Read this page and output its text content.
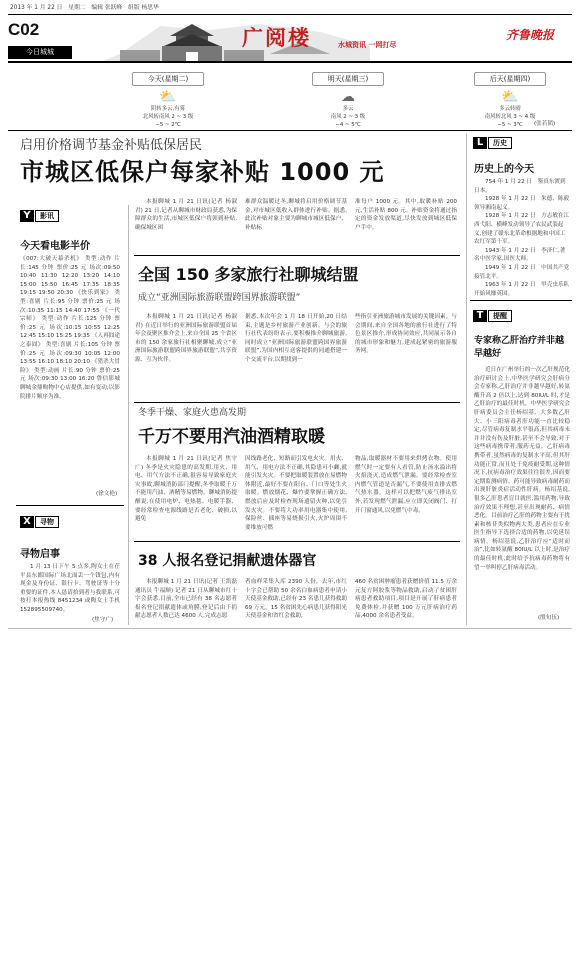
2013 年 1 月 22 日　星期二　编辑 张跃峰　组版 杨思华
C02
今日城城
广阅楼	水城资讯 一网打尽
齐鲁晚报
今天(星期二)
⛅
阴转多云,有雾
北风转南风 2 ~ 3 级
−5 ~ 2℃
明天(星期三)
☁
多云
南风 2 ~ 3 级
−4 ~ 5℃
后天(星期四)
⛅
多云转晴
南风转北风 3 ~ 4 级
−5 ~ 3℃	(张若韬)
启用价格调节基金补贴低保居民
市城区低保户每家补贴 1000 元
Y	影讯
今天看电影半价
《007:大破天幕杀机》 类型:动作 片长:145 分钟 票价:25 元 场次:09:50 10:40 11:30 12:20 13:20 14:10 15:00 15:50 16:45 17:35 18:35 19:15 19:50 20:30 《快乐到家》 类型:喜剧 片长:95 分钟 票价:25 元 场次:10:35 11:15 14:40 17:55 《一代宗师》 类型:动作 片长:125 分钟 票价:25 元 场次:10:15 10:55 12:25 12:45 15:10 15:25 19:35 《人再囧途之泰囧》 类型:喜剧 片长:105 分钟 票价:25 元 场次:09:30 10:05 12:00 13:55 16:10 18:10 20:10 《猎杀大冒险》 类型:动画 片长:90 分钟 票价:25 元 场次:09:30 13:00 16:20 鲁信影城聊城金鼎购物中心店提供,如有变动,以影院排片顺序为准。
(徐文艳)
X	寻物
寻物启事
1 月 13 日下午 5 点多,陶女士在茌平县东都国际广场北面丢一个钱包,内有现金及身份证、银行卡、驾驶证等十分重要的证件,本人恳请拾到者与我联系,可按打本报热线 8451234 或陶女士手机 152895509740。
(焦守广)
本报聊城 1 月 21 日讯(记者 杨淑君) 21 日,记者从聊城市财政局获悉,为保障群众的生活,市城区低保户将领到补贴,确保城区困
难群众温暖过冬,聊城将启用价格调节基金,对市城区低收入群体进行补贴。据悉,此次补贴对象主要为聊城市城区低保户、补贴标
准每户 1000 元。其中,取暖补贴 200 元,生活补贴 800 元。补贴资金将通过指定的资金发放渠道,尽快发放到城区低保户手中。
全国 150 多家旅行社聊城结盟
成立“亚洲国际旅游联盟跨国界旅游联盟”
本报聊城 1 月 21 日讯(记者 杨淑君) 在近日举行的亚洲国际旅游联盟首届年会及聚区推介会上,来自全国 25 个省区市的 150 余家旅行社相聚聊城,成立“亚洲国际旅游联盟跨国界旅游联盟”,共享资源、互为伙伴。
据悉,本次年会 1 月 18 日开始,20 日结束,主题是乡村旅游产业创新。与会的旅行社代表纷纷表示,要积极推介聊城旅游,同时成立“亚洲国际旅游联盟跨国界旅游联盟”,为国内相互送客提供的同通搭建一个交流平台,以期找到一
些指引亚洲旅游城市发展的关键因素。与会期间,来自全国各地的旅行社进行了特色景区推介,形成协同效应,共同展示各自的城市形象和魅力,建成起紧密的旅游服务网。
冬季干燥、家庭火患高发期
千万不要用汽油酒精取暖
本报聊城 1 月 21 日讯(记者 焦守广) 冬季是火灾隐患的高发期,用火、用电、用气方法不正确,很容易导致家庭火灾事故,聊城消防部门提醒,冬季取暖千万不能用汽油、酒精等易燃物。聊城消防提醒说,在使用电炉、电热毯、电暖手器、要经常检查电源线路是否老化、破损,以避免
因线路老化、短路而引发电火灾。用火、用气、用电方法不正确,其隐患可小觑,就能引发火灾。不要把取暖装置放在易燃物体附近,最好不要在阳台、门口等处生火取暖。燃放烟花、爆竹要掌握正确方法,燃放后应及时检查现场遗留火种,以免引发火灾。不要将大功率用电器集中使用,保险丝、插座等易烧损引火,火炉周围不要堆放可燃
物品,取暖器材不要用来烘烤衣物。使用燃气时一定要有人看管,防止汤水溢出将火焰浇灭,造成燃气泄漏。要经常检查室内燃气管道是否漏气,不要使用直排式燃气热水器。这样可以把燃气废气排出室外,若发现燃气泄漏,应立即关闭阀门、打开门窗通风,以免燃气中毒。
38 人报名登记捐献遗体器官
本报聊城 1 月 21 日讯(记者 王凯磊 通讯员 牛福顺) 记者 21 日从聊城市红十字会获悉,目前,全市已经有 38 名志愿者报名登记捐献遗体或角膜,登记后由于捐献志愿者人数已达 4600 人,完成志愿
者血样采集入库 2390 人份。去年,市红十字会已帮助 50 余名白血病患者申请小天使基金救助,已经有 23 名患儿获得救助 69 万元。15 名贫困先心病患儿获得阳光天使基金和省红会救助,
460 名贫困肿瘤患者获赠价值 11.5 万余元复方阿胶浆等物品救助,启动了贫困肝病患者救助项目,项目是开展了肝病患者免费体检,并获赠 100 万元肝病治疗药品,4000 余名患者受益。
L	历史
历史上的今天
754 年 1 月 22 日　鉴真东渡到日本。
1928 年 1 月 22 日　朱德、陈毅领导湘南起义。
1928 年 1 月 22 日　方志敏在江西弋阳、横峰发动领导了农民武装起义,创建了赣东北革命根据地和中国工农红军第十军。
1943 年 1 月 22 日　李济仁,著名中医学家,国医大师。
1949 年 1 月 22 日　中国共产党接管北平。
1963 年 1 月 22 日　甲壳虫乐队开始风靡英国。
T	提醒
专家称乙肝治疗并非越早越好
近日在广州举行的一次乙肝规范化治疗研讨会上,中华医学研究会肝病分会专家称,乙肝治疗并非越早越好,转氨酶升高 2 倍以上,达到 80IU/L 时,才是乙肝治疗的最佳时机。中华医学研究会肝病委员会主任杨绍基、大多数乙肝大、小三阳病毒者肝功能一直比较稳定,尽管病毒复制水平很高,但其病毒未并并没有伤及肝脏,甚至不会导致,对于这些病毒携带者,服药无益。乙肝病毒携带者,虽然病毒的复制水平高,但其肝功能正常,而且处于免疫耐受期,这种情况下,抗病毒治疗效果往往很差,因而要定期监测病情。药可能导致病毒耐药而出现肝脏炎症活动性肝病。杨绍基说,很多乙肝患者盲目就医,滥用药物,导致治疗效果不理想,甚至出现耐药、病情恶化。目前治疗乙肝的药物主要有干扰素和核苷类似物两大类,患者应在专业医生指导下选择合适的药物,以免延误病情。杨绍基说,乙肝治疗应“适时而治”,比如转氨酶 80IU/L 以上时,是治疗的最佳时机,此时给予抗病毒药物将有望一举叫停乙肝病毒活动。
(殷旬伍)
